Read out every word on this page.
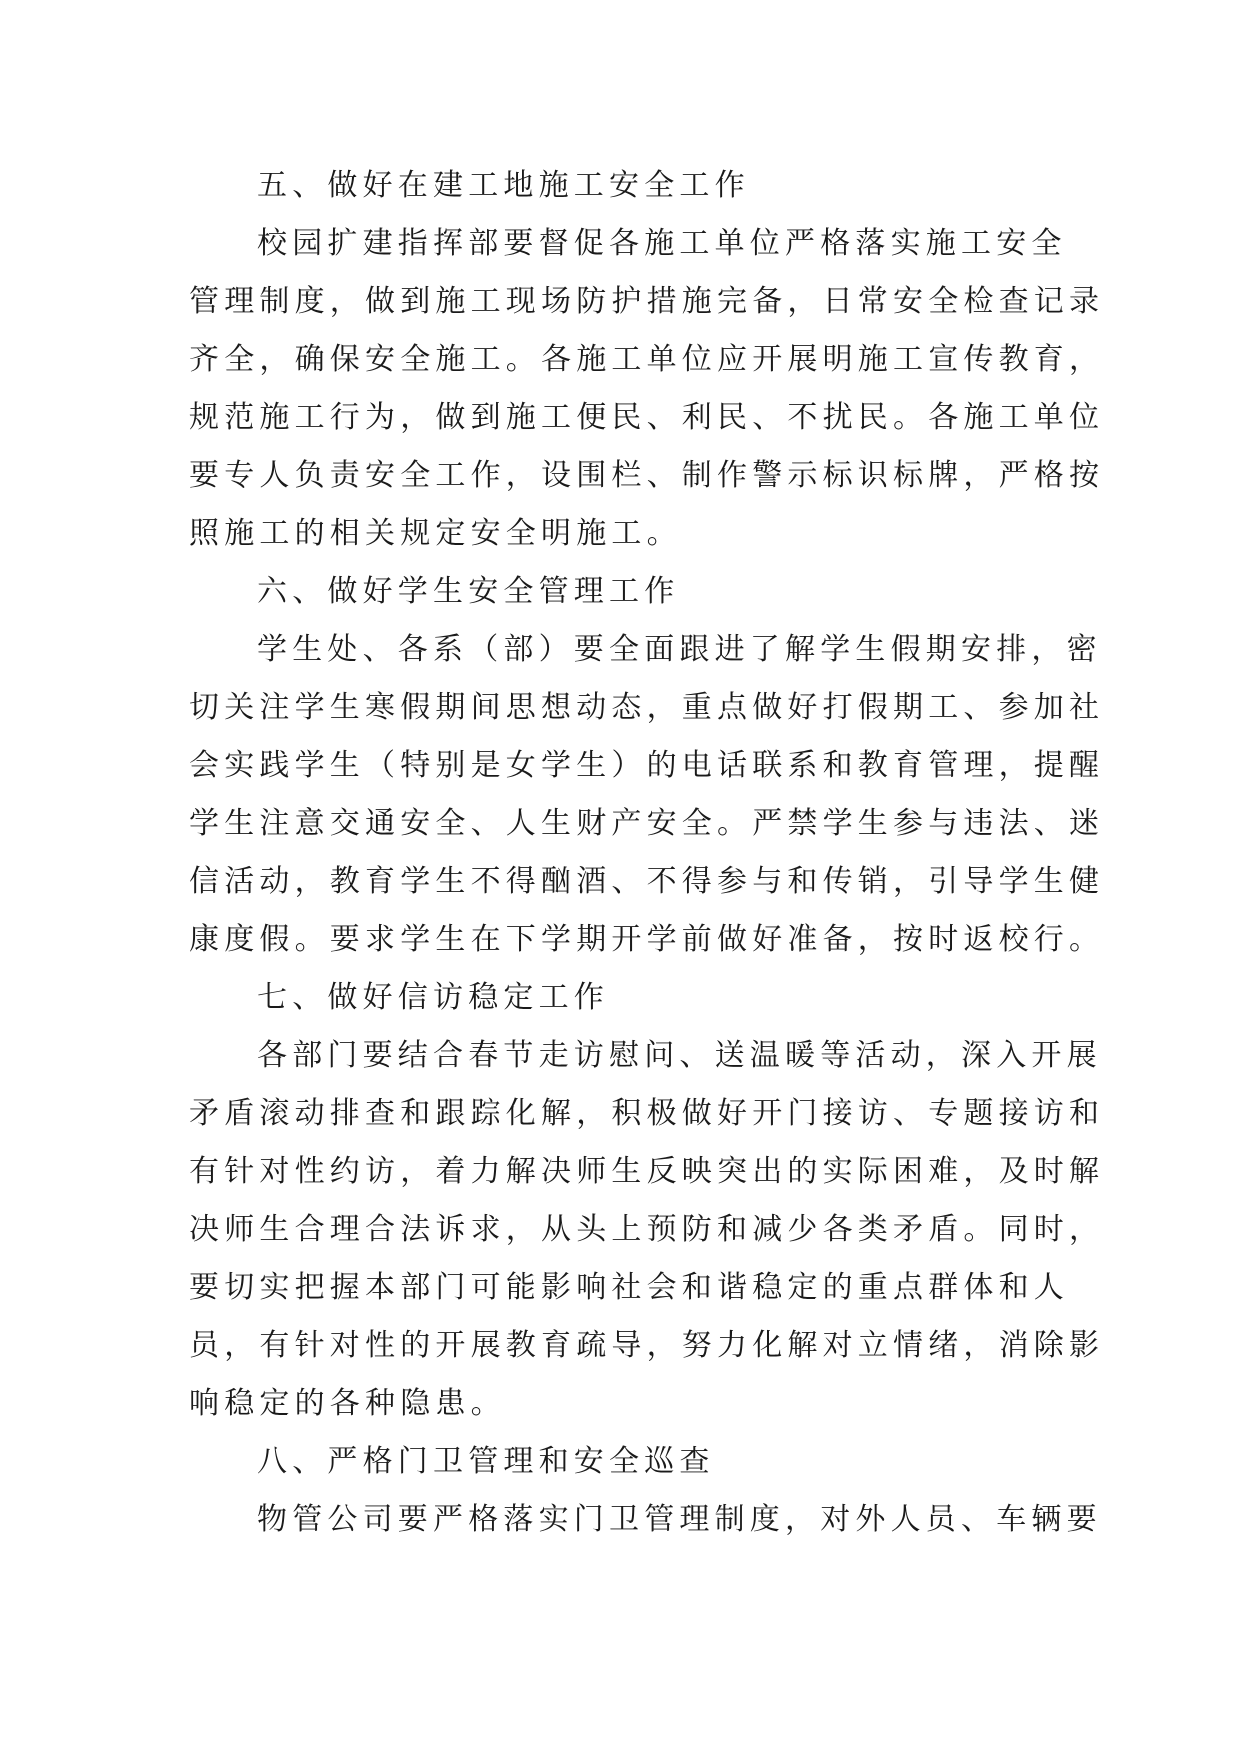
五、做好在建工地施工安全工作
校园扩建指挥部要督促各施工单位严格落实施工安全
管理制度，做到施工现场防护措施完备，日常安全检查记录
齐全，确保安全施工。各施工单位应开展明施工宣传教育，
规范施工行为，做到施工便民、利民、不扰民。各施工单位
要专人负责安全工作，设围栏、制作警示标识标牌，严格按
照施工的相关规定安全明施工。
六、做好学生安全管理工作
学生处、各系（部）要全面跟进了解学生假期安排，密
切关注学生寒假期间思想动态，重点做好打假期工、参加社
会实践学生（特别是女学生）的电话联系和教育管理，提醒
学生注意交通安全、人生财产安全。严禁学生参与违法、迷
信活动，教育学生不得酗酒、不得参与和传销，引导学生健
康度假。要求学生在下学期开学前做好准备，按时返校行。
七、做好信访稳定工作
各部门要结合春节走访慰问、送温暖等活动，深入开展
矛盾滚动排查和跟踪化解，积极做好开门接访、专题接访和
有针对性约访，着力解决师生反映突出的实际困难，及时解
决师生合理合法诉求，从头上预防和减少各类矛盾。同时，
要切实把握本部门可能影响社会和谐稳定的重点群体和人
员，有针对性的开展教育疏导，努力化解对立情绪，消除影
响稳定的各种隐患。
八、严格门卫管理和安全巡查
物管公司要严格落实门卫管理制度，对外人员、车辆要
